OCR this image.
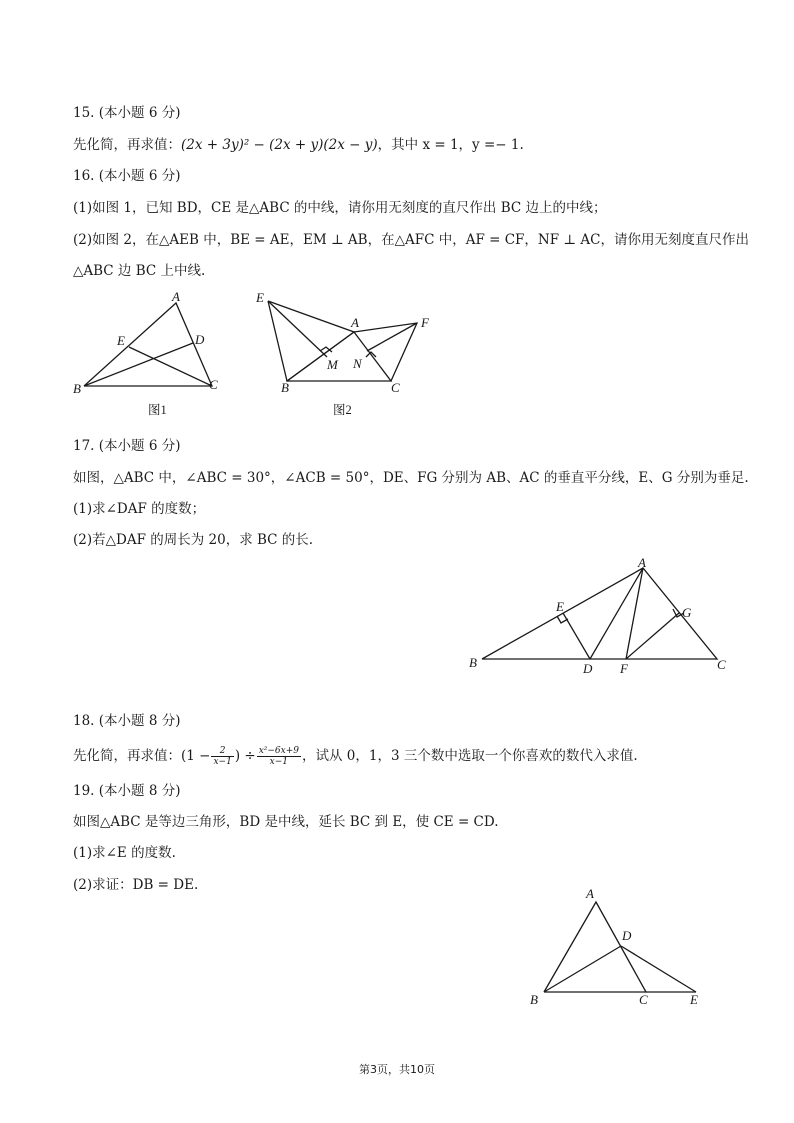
15. (本小题 6 分)
先化简，再求值：(2x + 3y)² − (2x + y)(2x − y)，其中 x = 1，y =− 1.
16. (本小题 6 分)
(1)如图 1，已知 BD，CE 是△ABC 的中线，请你用无刻度的直尺作出 BC 边上的中线；
(2)如图 2，在△AEB 中，BE = AE，EM ⊥ AB，在△AFC 中，AF = CF，NF ⊥ AC，请你用无刻度直尺作出
△ABC 边 BC 上中线.
A
B	C
D
E
图1
A
B	C
E
F
M N
图2
17. (本小题 6 分)
如图，△ABC 中，∠ABC = 30°，∠ACB = 50°，DE、FG 分别为 AB、AC 的垂直平分线，E、G 分别为垂足.
(1)求∠DAF 的度数；
(2)若△DAF 的周长为 20，求 BC 的长.
A
B	C
D
E
F
G
18. (本小题 8 分)
先化简，再求值：($1 - \frac{2}{x-1}$ ) ÷ $\frac{\text{x²−6x+9}}{x-1}$ ，试从 0，1，3 三个数中选取一个你喜欢的数代入求值.
19. (本小题 8 分)
如图△ABC 是等边三角形，BD 是中线，延长 BC 到 E，使 CE = CD.
(1)求∠E 的度数.
(2)求证：DB = DE.
A
B	C
D
E
第3页，共10页
